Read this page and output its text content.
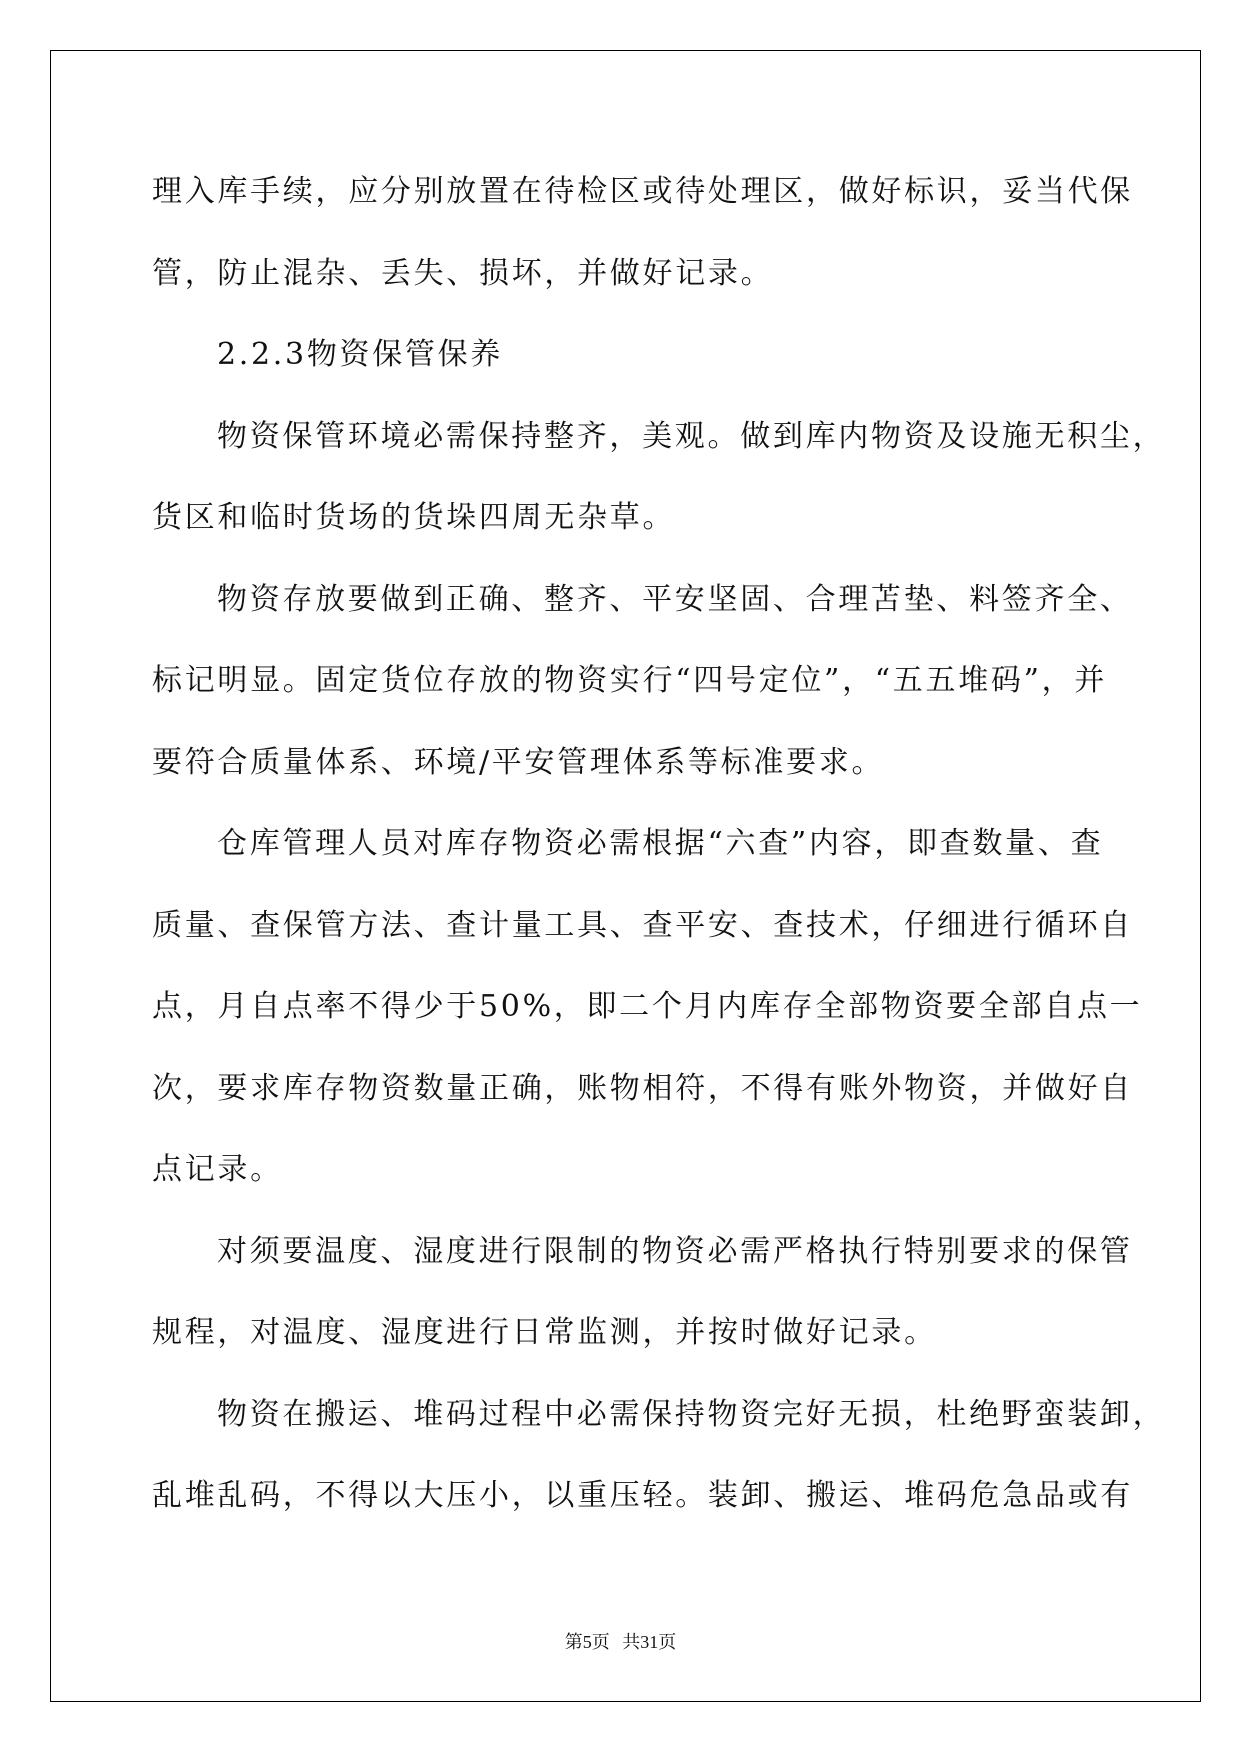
理入库手续，应分别放置在待检区或待处理区，做好标识，妥当代保
管，防止混杂、丢失、损坏，并做好记录。
2.2.3物资保管保养
物资保管环境必需保持整齐，美观。做到库内物资及设施无积尘，
货区和临时货场的货垛四周无杂草。
物资存放要做到正确、整齐、平安坚固、合理苫垫、料签齐全、
标记明显。固定货位存放的物资实行“四号定位”，“五五堆码”，并
要符合质量体系、环境/平安管理体系等标准要求。
仓库管理人员对库存物资必需根据“六查”内容，即查数量、查
质量、查保管方法、查计量工具、查平安、查技术，仔细进行循环自
点，月自点率不得少于50%，即二个月内库存全部物资要全部自点一
次，要求库存物资数量正确，账物相符，不得有账外物资，并做好自
点记录。
对须要温度、湿度进行限制的物资必需严格执行特别要求的保管
规程，对温度、湿度进行日常监测，并按时做好记录。
物资在搬运、堆码过程中必需保持物资完好无损，杜绝野蛮装卸，
乱堆乱码，不得以大压小，以重压轻。装卸、搬运、堆码危急品或有
第5页 共31页
